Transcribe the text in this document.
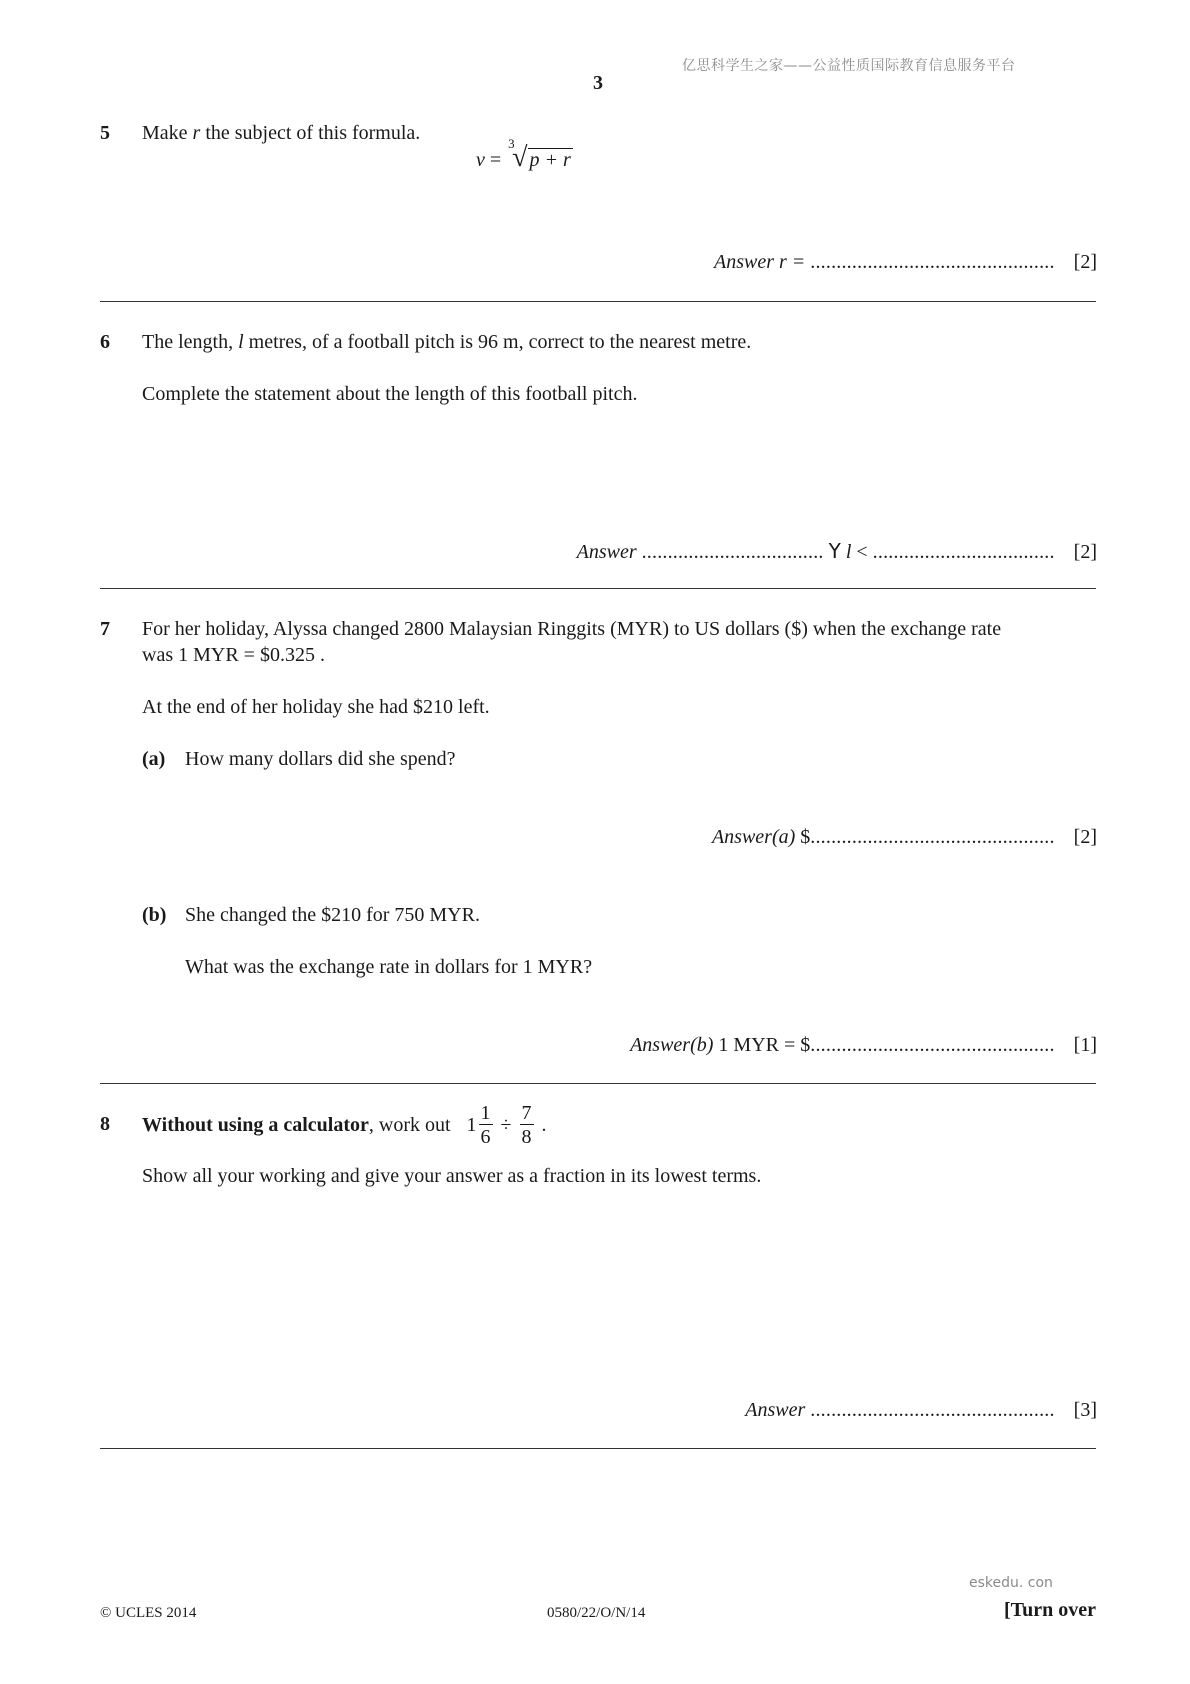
亿思科学生之家——公益性质国际教育信息服务平台
3
5 Make r the subject of this formula.
v =
3
√ p + r
Answer r = ............................................... [2]
6 The length, l metres, of a football pitch is 96 m, correct to the nearest metre.
Complete the statement about the length of this football pitch.
Answer ................................... Y l < ................................... [2]
7 For her holiday, Alyssa changed 2800 Malaysian Ringgits (MYR) to US dollars ($) when the exchange rate
was 1 MYR = $0.325 .
At the end of her holiday she had $210 left.
(a) How many dollars did she spend?
Answer(a) $............................................... [2]
(b) She changed the $210 for 750 MYR.
What was the exchange rate in dollars for 1 MYR?
Answer(b) 1 MYR = $............................................... [1]
8 Without using a calculator , work out $1 \frac{1}{6} \div \frac{7}{8}$ .
Show all your working and give your answer as a fraction in its lowest terms.
Answer ............................................... [3]
eskedu. con
© UCLES 2014	0580/22/O/N/14	[Turn over
